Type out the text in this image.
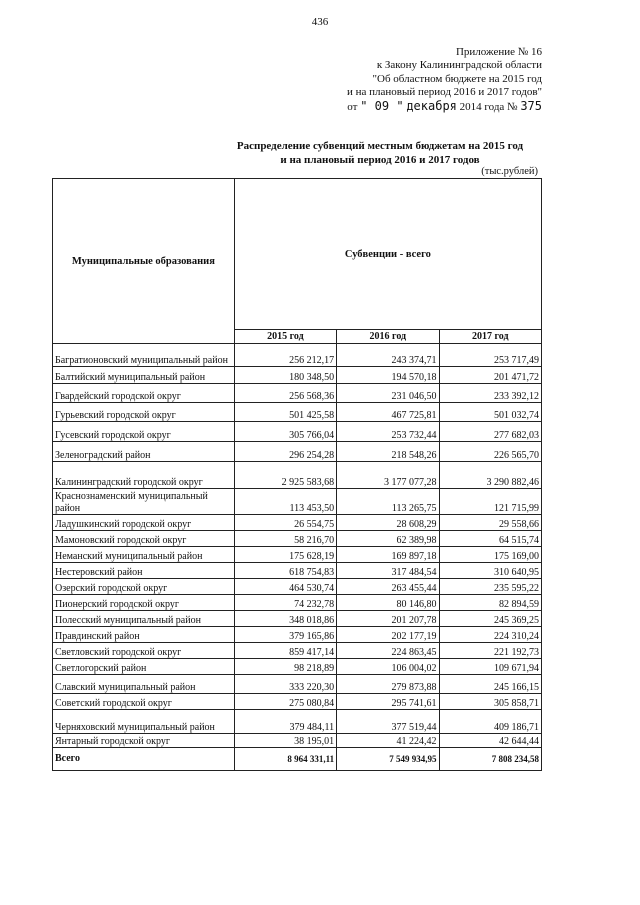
436
Приложение № 16
к Закону Калининградской области
"Об областном бюджете на 2015 год
и на плановый период 2016 и 2017 годов"
от " 09 " декабря 2014 года № 375
Распределение субвенций местным бюджетам на 2015 год
и на плановый период 2016 и 2017 годов
(тыс.рублей)
Муниципальные образования	Субвенции - всего		
	2015 год	2016 год	2017 год
Багратионовский муниципальный район	256 212,17	243 374,71	253 717,49
Балтийский муниципальный район	180 348,50	194 570,18	201 471,72
Гвардейский городской округ	256 568,36	231 046,50	233 392,12
Гурьевский городской округ	501 425,58	467 725,81	501 032,74
Гусевский городской округ	305 766,04	253 732,44	277 682,03
Зеленоградский район	296 254,28	218 548,26	226 565,70
Калининградский городской округ	2 925 583,68	3 177 077,28	3 290 882,46
Краснознаменский муниципальный район	113 453,50	113 265,75	121 715,99
Ладушкинский городской округ	26 554,75	28 608,29	29 558,66
Мамоновский городской округ	58 216,70	62 389,98	64 515,74
Неманский муниципальный район	175 628,19	169 897,18	175 169,00
Нестеровский район	618 754,83	317 484,54	310 640,95
Озерский городской округ	464 530,74	263 455,44	235 595,22
Пионерский городской округ	74 232,78	80 146,80	82 894,59
Полесский муниципальный район	348 018,86	201 207,78	245 369,25
Правдинский район	379 165,86	202 177,19	224 310,24
Светловский городской округ	859 417,14	224 863,45	221 192,73
Светлогорский район	98 218,89	106 004,02	109 671,94
Славский муниципальный район	333 220,30	279 873,88	245 166,15
Советский городской округ	275 080,84	295 741,61	305 858,71
Черняховский муниципальный район	379 484,11	377 519,44	409 186,71
Янтарный городской округ	38 195,01	41 224,42	42 644,44
Всего	8 964 331,11	7 549 934,95	7 808 234,58
